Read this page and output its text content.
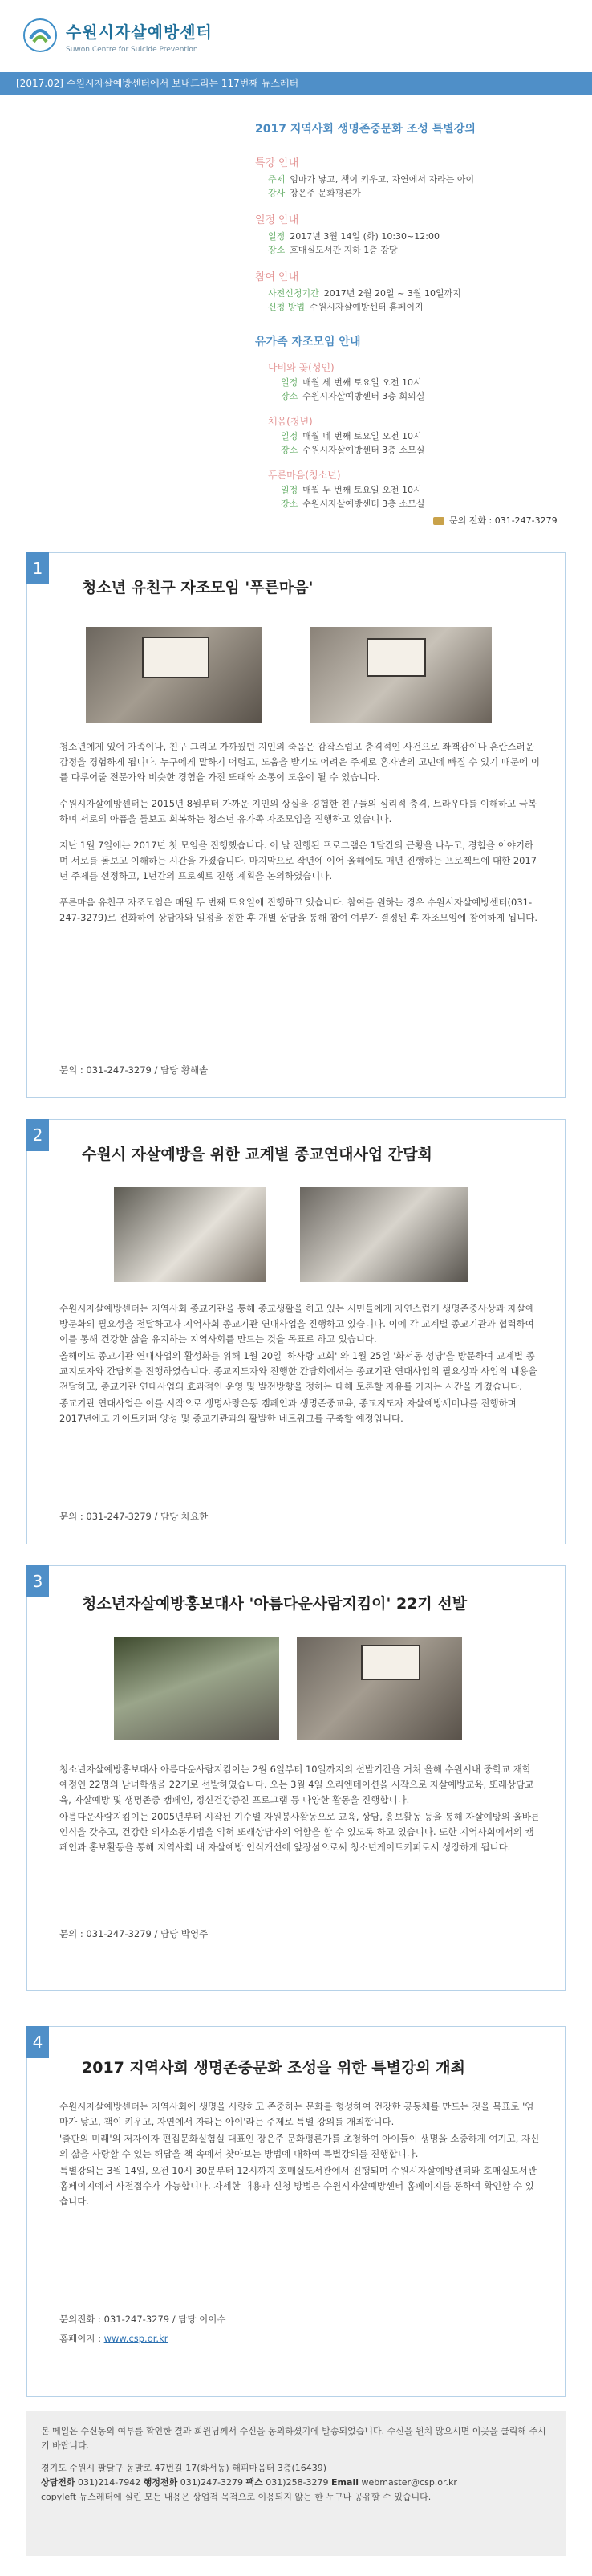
수원시자살예방센터
Suwon Centre for Suicide Prevention
[2017.02] 수원시자살예방센터에서 보내드리는 117번째 뉴스레터
2017 지역사회 생명존중문화 조성 특별강의
특강 안내
주제 엄마가 낳고, 책이 키우고, 자연에서 자라는 아이
강사 장은주 문화평론가
일정 안내
일정 2017년 3월 14일 (화) 10:30~12:00
장소 호매실도서관 지하 1층 강당
참여 안내
사전신청기간 2017년 2월 20일 ~ 3월 10일까지
신청 방법 수원시자살예방센터 홈페이지
유가족 자조모임 안내
나비와 꽃(성인)
일정 매월 세 번째 토요일 오전 10시
장소 수원시자살예방센터 3층 회의실
채움(청년)
일정 매월 네 번째 토요일 오전 10시
장소 수원시자살예방센터 3층 소모실
푸른마음(청소년)
일정 매월 두 번째 토요일 오전 10시
장소 수원시자살예방센터 3층 소모실
문의 전화 : 031-247-3279
1
청소년 유친구 자조모임 '푸른마음'

청소년에게 있어 가족이나, 친구 그리고 가까웠던 지인의 죽음은 감작스럽고 충격적인 사건으로 좌책감이나 혼란스러운 감정을 경험하게 됩니다. 누구에게 말하기 어렵고, 도움을 받기도 어려운 주제로 혼자만의 고민에 빠질 수 있기 때문에 이를 다루어줄 전문가와 비슷한 경험을 가진 또래와 소통이 도움이 될 수 있습니다.

수원시자살예방센터는 2015년 8월부터 가까운 지인의 상실을 경험한 친구들의 심리적 충격, 트라우마를 이해하고 극복하며 서로의 아픔을 돌보고 회복하는 청소년 유가족 자조모임을 진행하고 있습니다.

지난 1월 7일에는 2017년 첫 모임을 진행했습니다. 이 날 진행된 프로그램은 1달간의 근황을 나누고, 경험을 이야기하며 서로를 돌보고 이해하는 시간을 가졌습니다. 마지막으로 작년에 이어 올해에도 매년 진행하는 프로젝트에 대한 2017년 주제를 선정하고, 1년간의 프로젝트 진행 계획을 논의하였습니다.

푸른마음 유친구 자조모임은 매월 두 번째 토요일에 진행하고 있습니다. 참여를 원하는 경우 수원시자살예방센터(031-247-3279)로 전화하여 상담자와 일정을 정한 후 개별 상담을 통해 참여 여부가 결정된 후 자조모임에 참여하게 됩니다.

문의 : 031-247-3279 / 담당 황해솔
2
수원시 자살예방을 위한 교계별 종교연대사업 간담회

수원시자살예방센터는 지역사회 종교기관을 통해 종교생활을 하고 있는 시민들에게 자연스럽게 생명존중사상과 자살예방문화의 필요성을 전달하고자 지역사회 종교기관 연대사업을 진행하고 있습니다. 이에 각 교계별 종교기관과 협력하여 이를 통해 건강한 삶을 유지하는 지역사회를 만드는 것을 목표로 하고 있습니다.

올해에도 종교기관 연대사업의 활성화를 위해 1월 20일 '하사랑 교회' 와 1월 25일 '화서동 성당'을 방문하여 교계별 종교지도자와 간담회를 진행하였습니다. 종교지도자와 진행한 간담회에서는 종교기관 연대사업의 필요성과 사업의 내용을 전달하고, 종교기관 연대사업의 효과적인 운영 및 발전방향을 정하는 대해 토론할 자유를 가지는 시간을 가졌습니다.

종교기관 연대사업은 이를 시작으로 생명사랑운동 캠페인과 생명존중교육, 종교지도자 자살예방세미나를 진행하며 2017년에도 게이트키퍼 양성 및 종교기관과의 활발한 네트워크를 구축할 예정입니다.

문의 : 031-247-3279 / 담당 차요한
3
청소년자살예방홍보대사 '아름다운사람지킴이' 22기 선발

청소년자살예방홍보대사 아름다운사람지킴이는 2월 6일부터 10일까지의 선발기간을 거쳐 올해 수원시내 중학교 재학 예정인 22명의 남녀학생을 22기로 선발하였습니다. 오는 3월 4일 오리엔테이션을 시작으로 자살예방교육, 또래상담교육, 자살예방 및 생명존중 캠페인, 정신건강증진 프로그램 등 다양한 활동을 진행합니다.

아름다운사람지킴이는 2005년부터 시작된 기수별 자원봉사활동으로 교육, 상담, 홍보활동 등을 통해 자살예방의 올바른 인식을 갖추고, 건강한 의사소통기법을 익혀 또래상담자의 역할을 할 수 있도록 하고 있습니다. 또한 지역사회에서의 캠페인과 홍보활동을 통해 지역사회 내 자살예방 인식개선에 앞장섬으로써 청소년게이트키퍼로서 성장하게 됩니다.

문의 : 031-247-3279 / 담당 박영주
4
2017 지역사회 생명존중문화 조성을 위한 특별강의 개최

수원시자살예방센터는 지역사회에 생명을 사랑하고 존중하는 문화를 형성하여 건강한 공동체를 만드는 것을 목표로 '엄마가 낳고, 책이 키우고, 자연에서 자라는 아이'라는 주제로 특별 강의를 개최합니다.

'출판의 미래'의 저자이자 편집문화실험실 대표인 장은주 문화평론가를 초청하여 아이들이 생명을 소중하게 여기고, 자신의 삶을 사랑할 수 있는 해답을 책 속에서 찾아보는 방법에 대하여 특별강의를 진행합니다.

특별강의는 3월 14일, 오전 10시 30분부터 12시까지 호매실도서관에서 진행되며 수원시자살예방센터와 호매실도서관 홈페이지에서 사전접수가 가능합니다. 자세한 내용과 신청 방법은 수원시자살예방센터 홈페이지를 통하여 확인할 수 있습니다.

문의전화 : 031-247-3279 / 담당 이이수
홈페이지 : www.csp.or.kr

본 메일은 수신동의 여부를 확인한 결과 회원님께서 수신을 동의하셨기에 발송되었습니다. 수신을 원치 않으시면 이곳을 클릭해 주시기 바랍니다.

경기도 수원시 팔달구 동말로 47번길 17(화서동) 해피마음터 3층(16439)
상담전화 031)214-7942 행정전화 031)247-3279 팩스 031)258-3279 Email webmaster@csp.or.kr
copyleft 뉴스레터에 실린 모든 내용은 상업적 목적으로 이용되지 않는 한 누구나 공유할 수 있습니다.
